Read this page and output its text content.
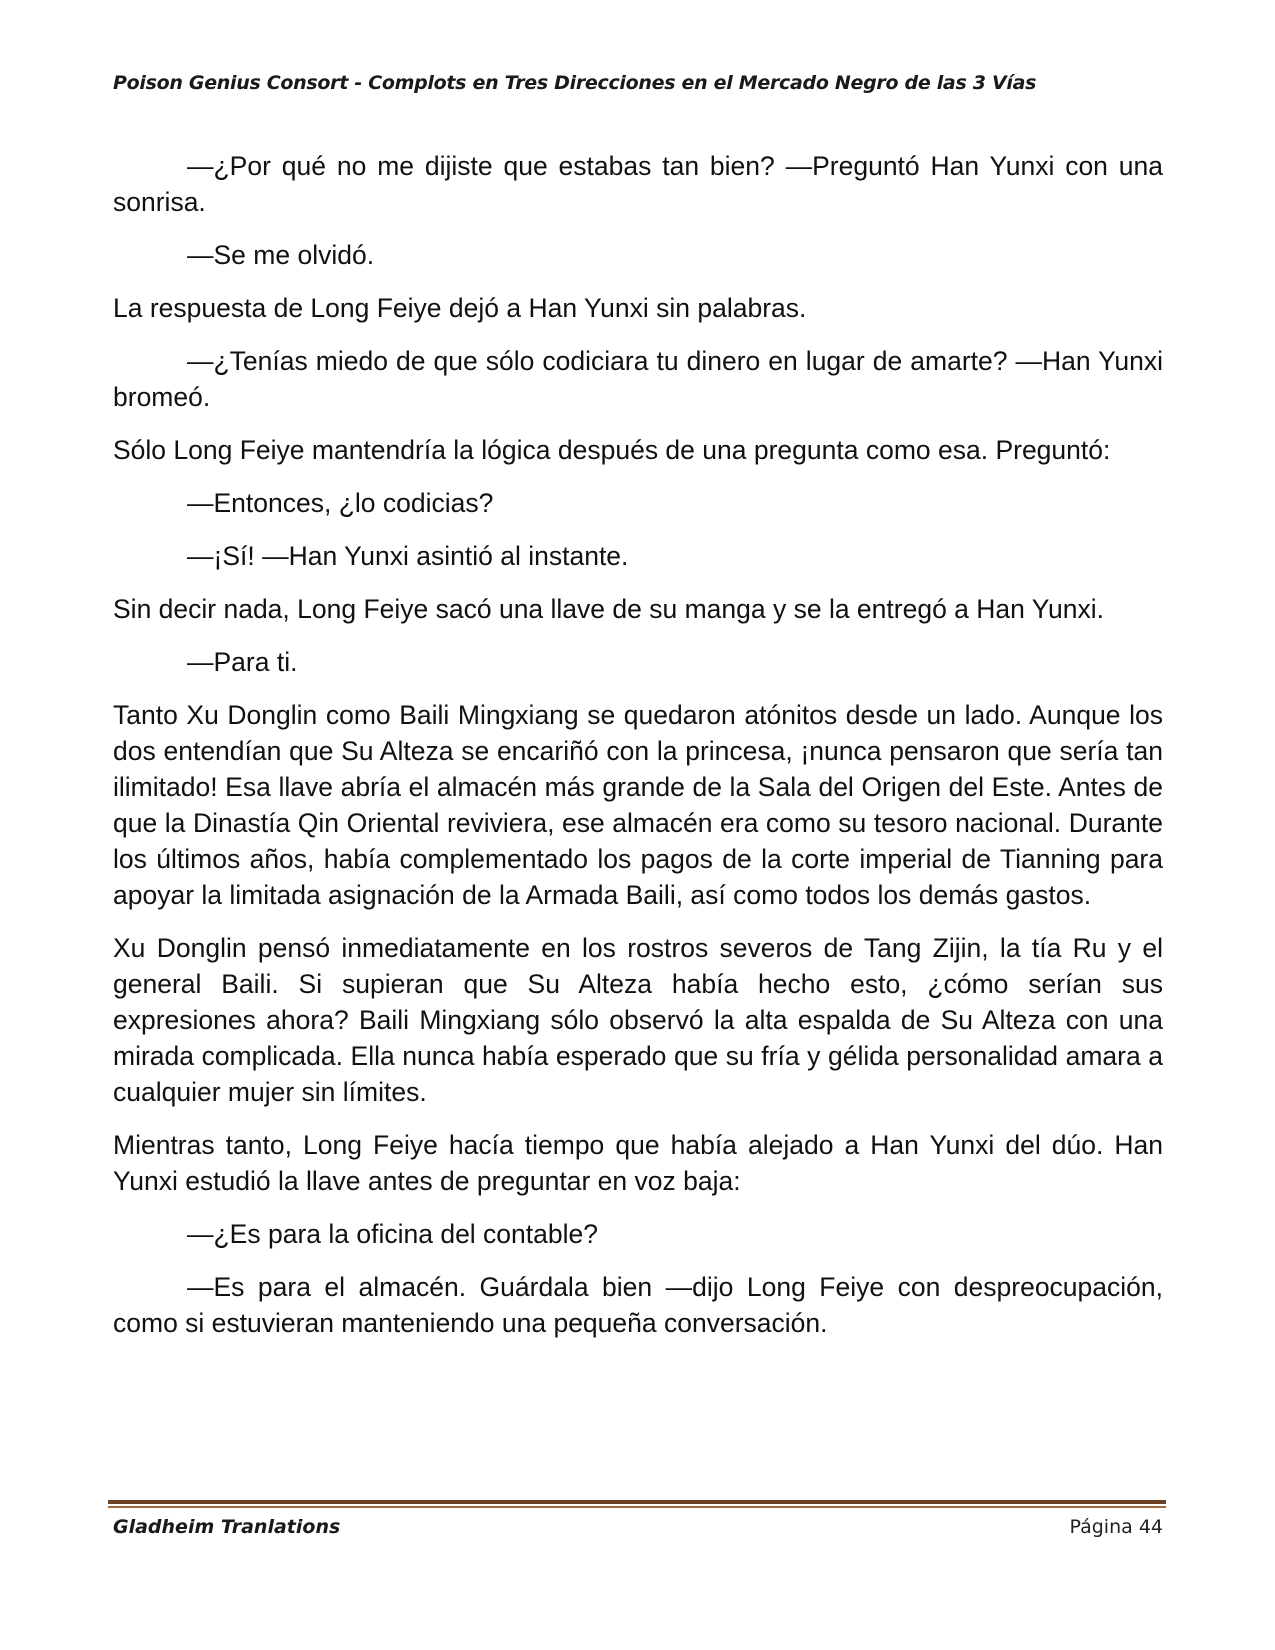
Poison Genius Consort - Complots en Tres Direcciones en el Mercado Negro de las 3 Vías

—¿Por qué no me dijiste que estabas tan bien? —Preguntó Han Yunxi con una sonrisa.

—Se me olvidó.

La respuesta de Long Feiye dejó a Han Yunxi sin palabras.

—¿Tenías miedo de que sólo codiciara tu dinero en lugar de amarte? —Han Yunxi bromeó.

Sólo Long Feiye mantendría la lógica después de una pregunta como esa. Preguntó:

—Entonces, ¿lo codicias?

—¡Sí! —Han Yunxi asintió al instante.

Sin decir nada, Long Feiye sacó una llave de su manga y se la entregó a Han Yunxi.

—Para ti.

Tanto Xu Donglin como Baili Mingxiang se quedaron atónitos desde un lado. Aunque los dos entendían que Su Alteza se encariñó con la princesa, ¡nunca pensaron que sería tan ilimitado! Esa llave abría el almacén más grande de la Sala del Origen del Este. Antes de que la Dinastía Qin Oriental reviviera, ese almacén era como su tesoro nacional. Durante los últimos años, había complementado los pagos de la corte imperial de Tianning para apoyar la limitada asignación de la Armada Baili, así como todos los demás gastos.

Xu Donglin pensó inmediatamente en los rostros severos de Tang Zijin, la tía Ru y el general Baili. Si supieran que Su Alteza había hecho esto, ¿cómo serían sus expresiones ahora? Baili Mingxiang sólo observó la alta espalda de Su Alteza con una mirada complicada. Ella nunca había esperado que su fría y gélida personalidad amara a cualquier mujer sin límites.

Mientras tanto, Long Feiye hacía tiempo que había alejado a Han Yunxi del dúo. Han Yunxi estudió la llave antes de preguntar en voz baja:

—¿Es para la oficina del contable?

—Es para el almacén. Guárdala bien —dijo Long Feiye con despreocupación, como si estuvieran manteniendo una pequeña conversación.

Gladheim Tranlations	Página 44
